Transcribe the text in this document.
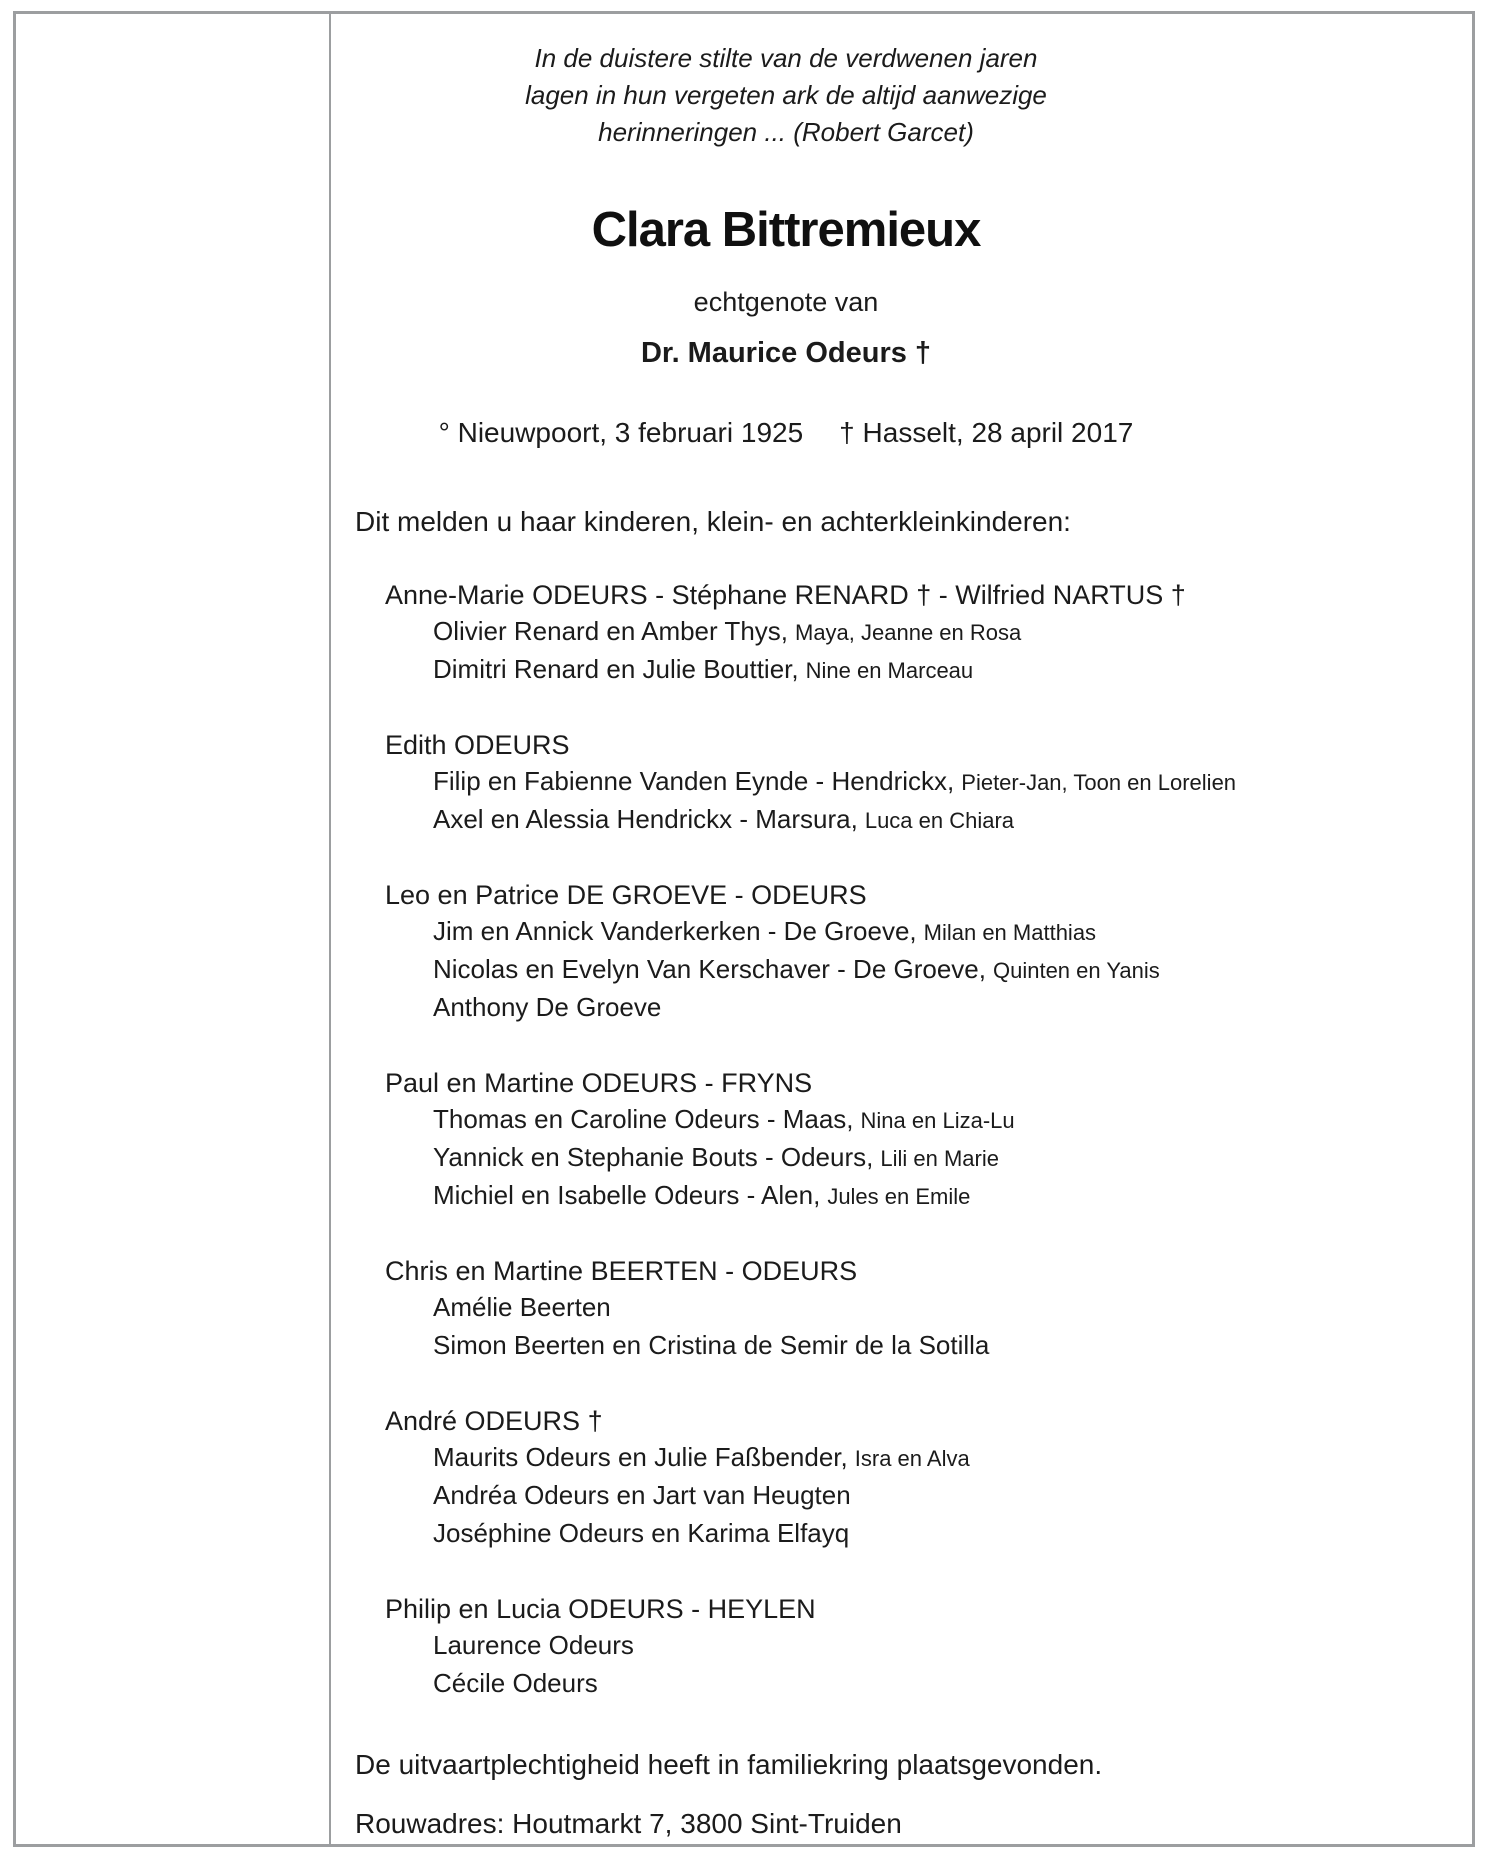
In de duistere stilte van de verdwenen jaren
lagen in hun vergeten ark de altijd aanwezige
herinneringen ... (Robert Garcet)
Clara Bittremieux
echtgenote van
Dr. Maurice Odeurs †
° Nieuwpoort, 3 februari 1925 † Hasselt, 28 april 2017
Dit melden u haar kinderen, klein- en achterkleinkinderen:
Anne-Marie ODEURS - Stéphane RENARD † - Wilfried NARTUS †
Olivier Renard en Amber Thys, Maya, Jeanne en Rosa
Dimitri Renard en Julie Bouttier, Nine en Marceau
Edith ODEURS
Filip en Fabienne Vanden Eynde - Hendrickx, Pieter-Jan, Toon en Lorelien
Axel en Alessia Hendrickx - Marsura, Luca en Chiara
Leo en Patrice DE GROEVE - ODEURS
Jim en Annick Vanderkerken - De Groeve, Milan en Matthias
Nicolas en Evelyn Van Kerschaver - De Groeve, Quinten en Yanis
Anthony De Groeve
Paul en Martine ODEURS - FRYNS
Thomas en Caroline Odeurs - Maas, Nina en Liza-Lu
Yannick en Stephanie Bouts - Odeurs, Lili en Marie
Michiel en Isabelle Odeurs - Alen, Jules en Emile
Chris en Martine BEERTEN - ODEURS
Amélie Beerten
Simon Beerten en Cristina de Semir de la Sotilla
André ODEURS †
Maurits Odeurs en Julie Faßbender, Isra en Alva
Andréa Odeurs en Jart van Heugten
Joséphine Odeurs en Karima Elfayq
Philip en Lucia ODEURS - HEYLEN
Laurence Odeurs
Cécile Odeurs
De uitvaartplechtigheid heeft in familiekring plaatsgevonden.
Rouwadres: Houtmarkt 7, 3800 Sint-Truiden
